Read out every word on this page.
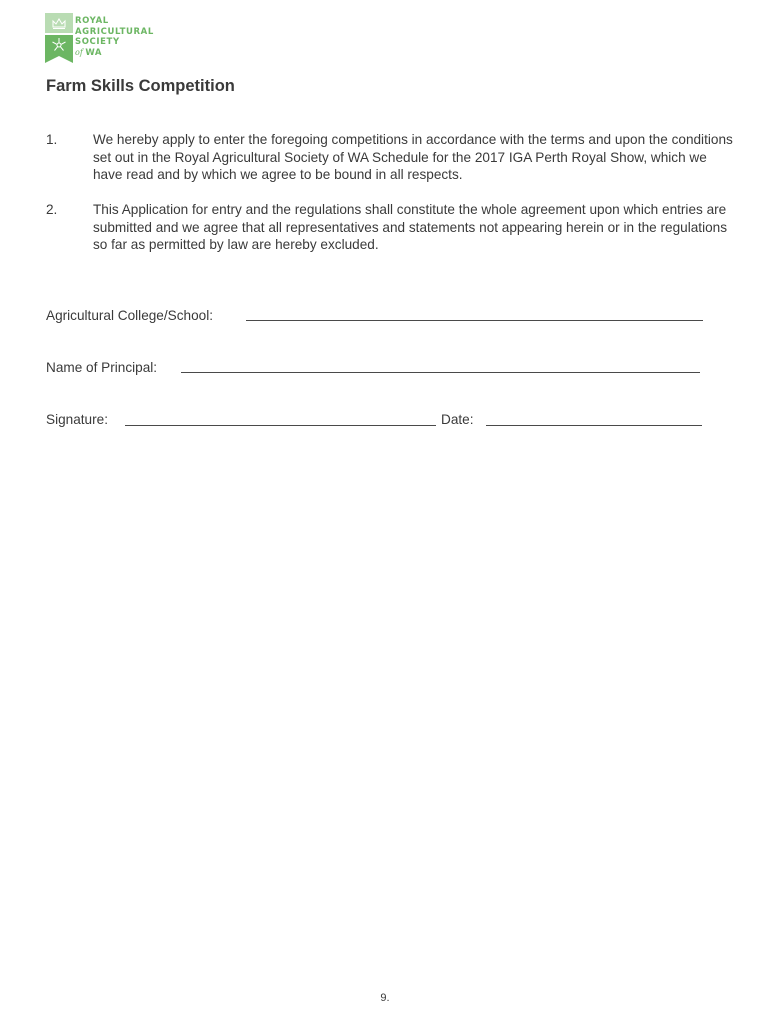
ROYAL
AGRICULTURAL
SOCIETY
of WA
Farm Skills Competition
1.	We hereby apply to enter the foregoing competitions in accordance with the terms and upon the conditions set out in the Royal Agricultural Society of WA Schedule for the 2017 IGA Perth Royal Show, which we have read and by which we agree to be bound in all respects.
2.	This Application for entry and the regulations shall constitute the whole agreement upon which entries are submitted and we agree that all representatives and statements not appearing herein or in the regulations so far as permitted by law are hereby excluded.
Agricultural College/School:
Name of Principal:
Signature:	Date:
9.
